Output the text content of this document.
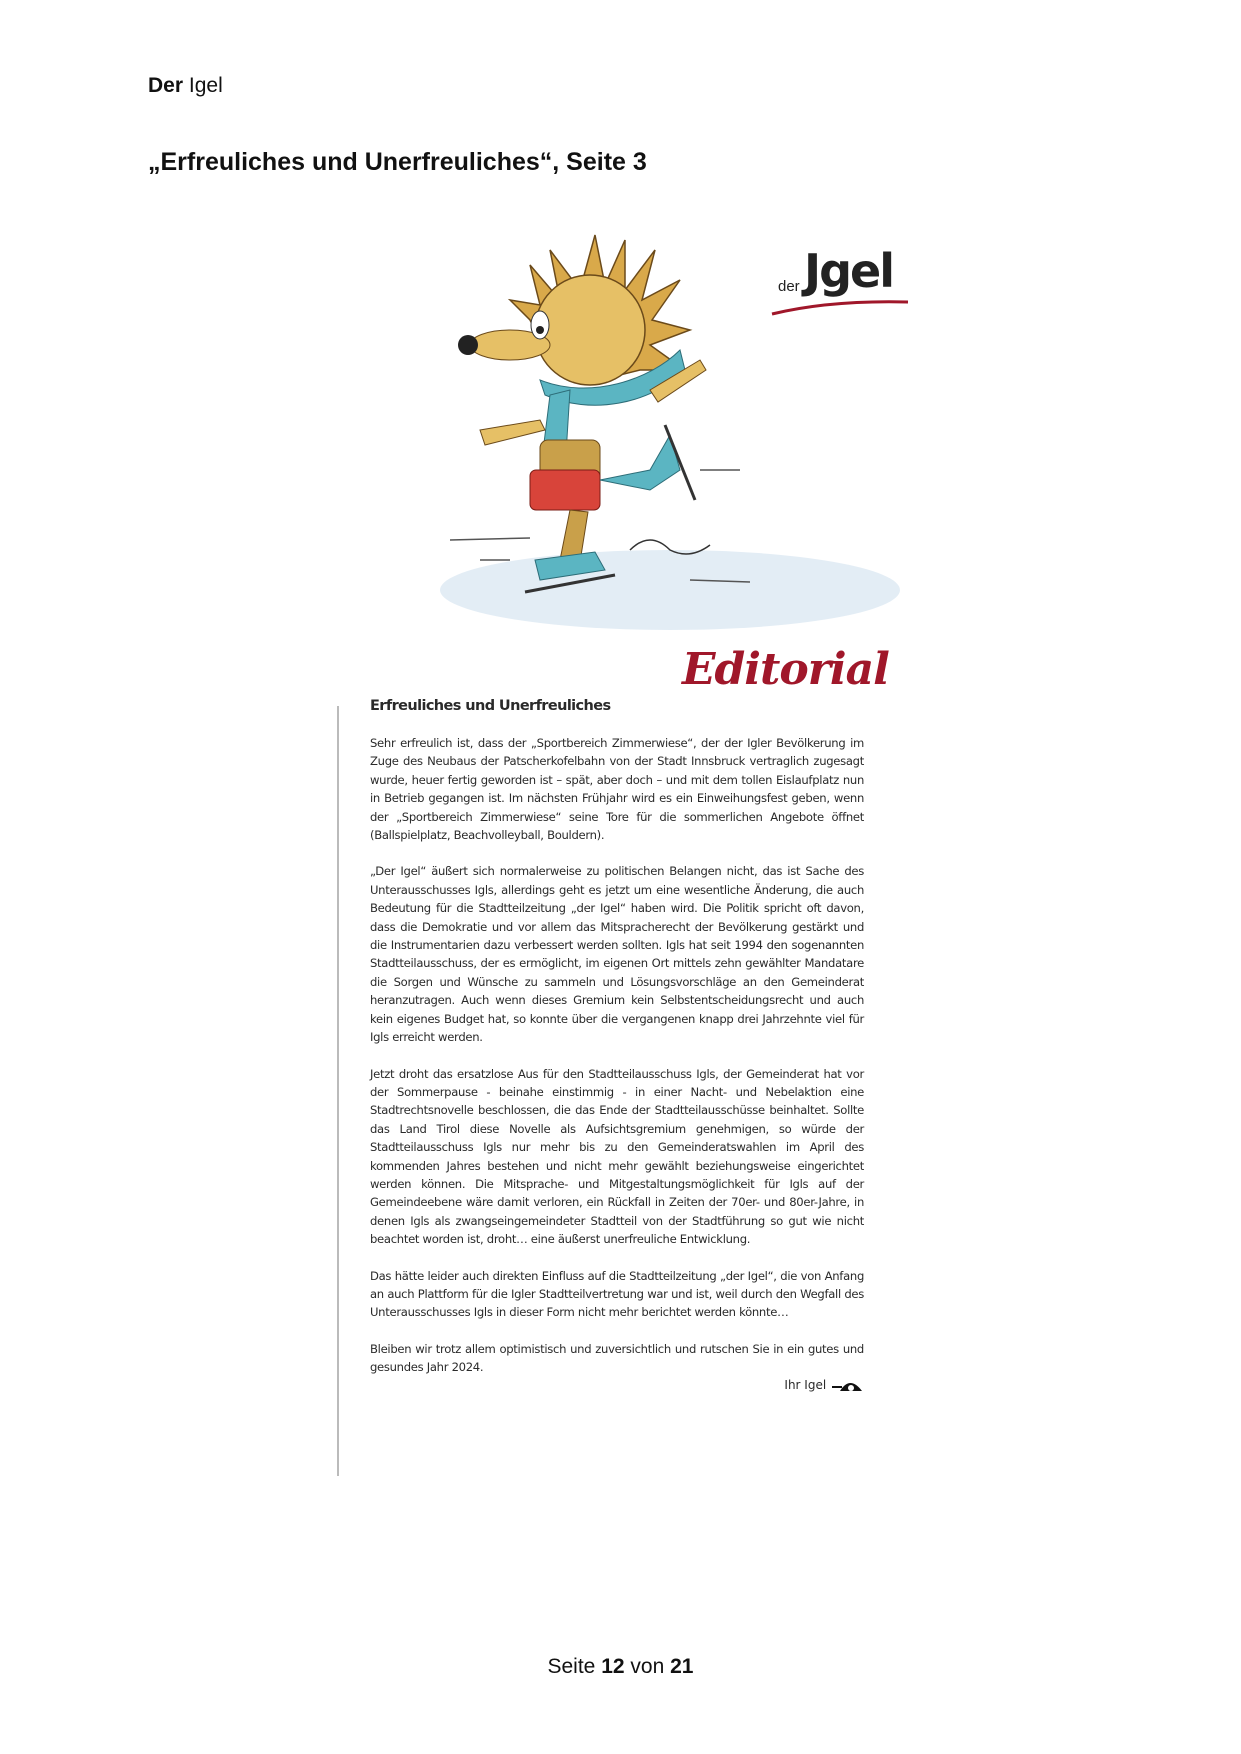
Der Igel
„Erfreuliches und Unerfreuliches“, Seite 3
der Jgel
Editorial
Erfreuliches und Unerfreuliches

Sehr erfreulich ist, dass der „Sportbereich Zimmerwiese“, der der Igler Bevölkerung im Zuge des Neubaus der Patscherkofelbahn von der Stadt Innsbruck vertraglich zugesagt wurde, heuer fertig geworden ist – spät, aber doch – und mit dem tollen Eislaufplatz nun in Betrieb gegangen ist. Im nächsten Frühjahr wird es ein Einweihungsfest geben, wenn der „Sportbereich Zimmerwiese“ seine Tore für die sommerlichen Angebote öffnet (Ballspielplatz, Beachvolleyball, Bouldern).

„Der Igel“ äußert sich normalerweise zu politischen Belangen nicht, das ist Sache des Unterausschusses Igls, allerdings geht es jetzt um eine wesentliche Änderung, die auch Bedeutung für die Stadtteilzeitung „der Igel“ haben wird. Die Politik spricht oft davon, dass die Demokratie und vor allem das Mitspracherecht der Bevölkerung gestärkt und die Instrumentarien dazu verbessert werden sollten. Igls hat seit 1994 den sogenannten Stadtteilausschuss, der es ermöglicht, im eigenen Ort mittels zehn gewählter Mandatare die Sorgen und Wünsche zu sammeln und Lösungsvorschläge an den Gemeinderat heranzutragen. Auch wenn dieses Gremium kein Selbstentscheidungsrecht und auch kein eigenes Budget hat, so konnte über die vergangenen knapp drei Jahrzehnte viel für Igls erreicht werden.

Jetzt droht das ersatzlose Aus für den Stadtteilausschuss Igls, der Gemeinderat hat vor der Sommerpause - beinahe einstimmig - in einer Nacht- und Nebelaktion eine Stadtrechtsnovelle beschlossen, die das Ende der Stadtteilausschüsse beinhaltet. Sollte das Land Tirol diese Novelle als Aufsichtsgremium genehmigen, so würde der Stadtteilausschuss Igls nur mehr bis zu den Gemeinderatswahlen im April des kommenden Jahres bestehen und nicht mehr gewählt beziehungsweise eingerichtet werden können. Die Mitsprache- und Mitgestaltungsmöglichkeit für Igls auf der Gemeindeebene wäre damit verloren, ein Rückfall in Zeiten der 70er- und 80er-Jahre, in denen Igls als zwangseingemeindeter Stadtteil von der Stadtführung so gut wie nicht beachtet worden ist, droht… eine äußerst unerfreuliche Entwicklung.

Das hätte leider auch direkten Einfluss auf die Stadtteilzeitung „der Igel“, die von Anfang an auch Plattform für die Igler Stadtteilvertretung war und ist, weil durch den Wegfall des Unterausschusses Igls in dieser Form nicht mehr berichtet werden könnte…

Bleiben wir trotz allem optimistisch und zuversichtlich und rutschen Sie in ein gutes und gesundes Jahr 2024.

Ihr Igel
Seite 12 von 21
